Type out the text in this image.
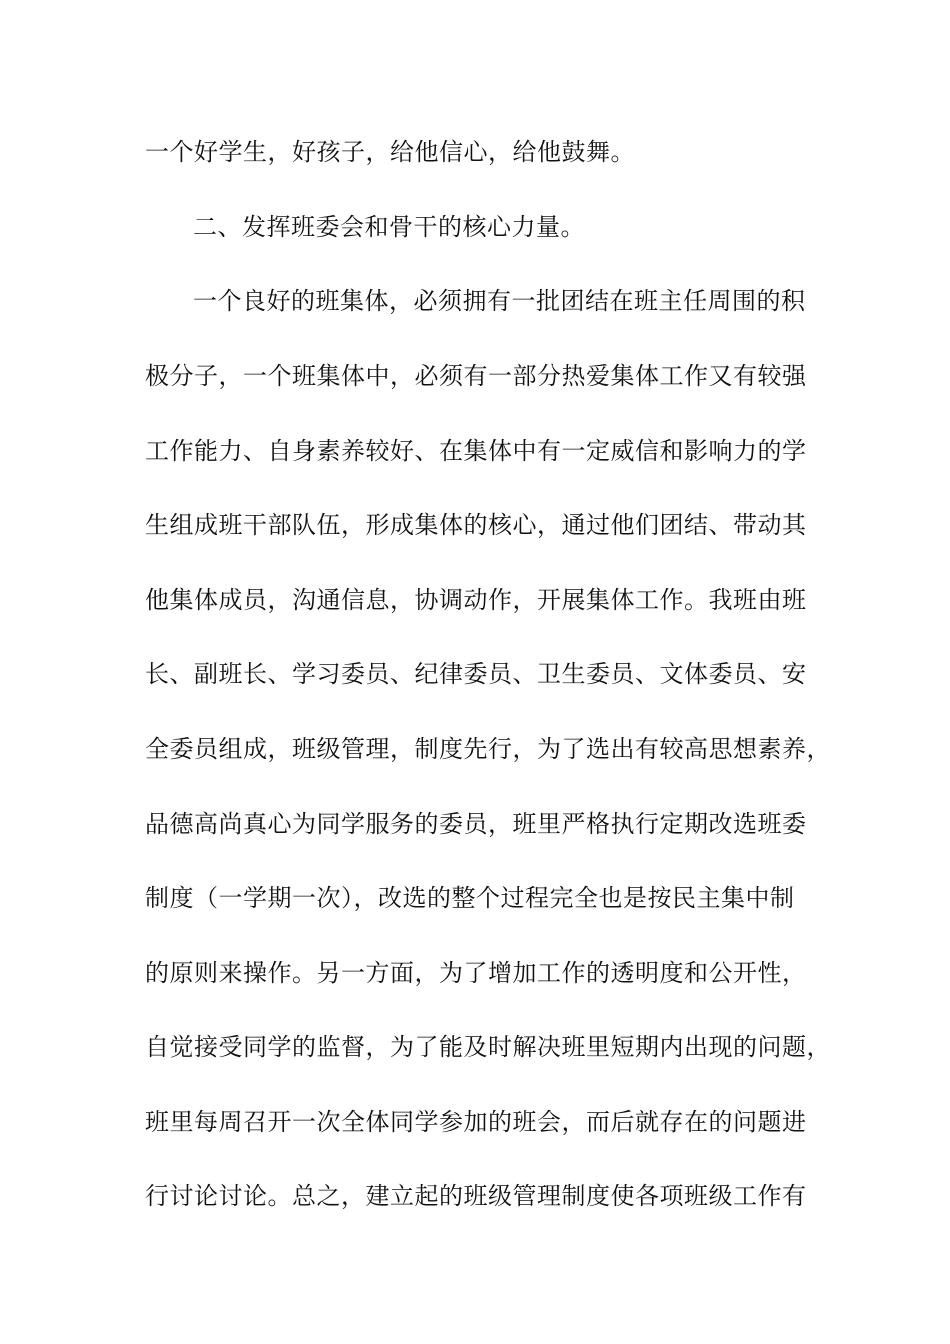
一个好学生，好孩子，给他信心，给他鼓舞。

二、发挥班委会和骨干的核心力量。

一个良好的班集体，必须拥有一批团结在班主任周围的积

极分子，一个班集体中，必须有一部分热爱集体工作又有较强

工作能力、自身素养较好、在集体中有一定威信和影响力的学

生组成班干部队伍，形成集体的核心，通过他们团结、带动其

他集体成员，沟通信息，协调动作，开展集体工作。我班由班

长、副班长、学习委员、纪律委员、卫生委员、文体委员、安

全委员组成，班级管理，制度先行，为了选出有较高思想素养，

品德高尚真心为同学服务的委员，班里严格执行定期改选班委

制度（一学期一次），改选的整个过程完全也是按民主集中制

的原则来操作。另一方面，为了增加工作的透明度和公开性，

自觉接受同学的监督，为了能及时解决班里短期内出现的问题，

班里每周召开一次全体同学参加的班会，而后就存在的问题进

行讨论讨论。总之，建立起的班级管理制度使各项班级工作有
